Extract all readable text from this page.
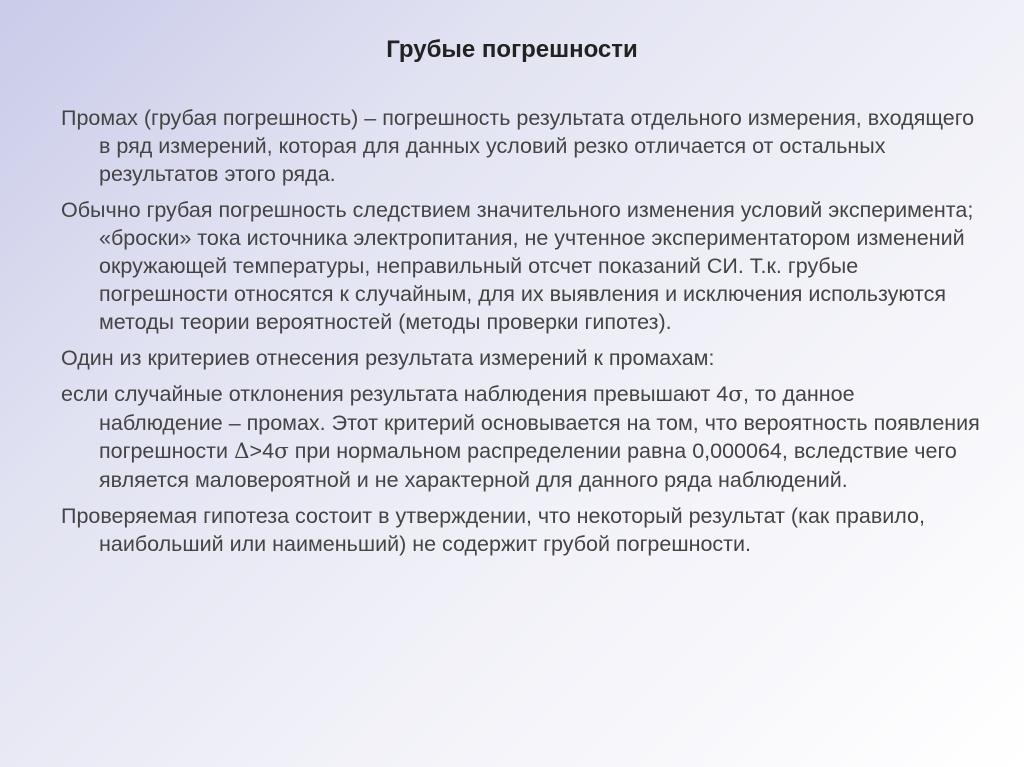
Грубые погрешности

Промах (грубая погрешность) – погрешность результата отдельного измерения, входящего в ряд измерений, которая для данных условий резко отличается от остальных результатов этого ряда.

Обычно грубая погрешность следствием значительного изменения условий эксперимента; «броски» тока источника электропитания, не учтенное экспериментатором изменений окружающей температуры, неправильный отсчет показаний СИ. Т.к. грубые погрешности относятся к случайным, для их выявления и исключения используются методы теории вероятностей (методы проверки гипотез).

Один из критериев отнесения результата измерений к промахам:

если случайные отклонения результата наблюдения превышают 4σ, то данное наблюдение – промах. Этот критерий основывается на том, что вероятность появления погрешности Δ>4σ при нормальном распределении равна 0,000064, вследствие чего является маловероятной и не характерной для данного ряда наблюдений.

Проверяемая гипотеза состоит в утверждении, что некоторый результат (как правило, наибольший или наименьший) не содержит грубой погрешности.
